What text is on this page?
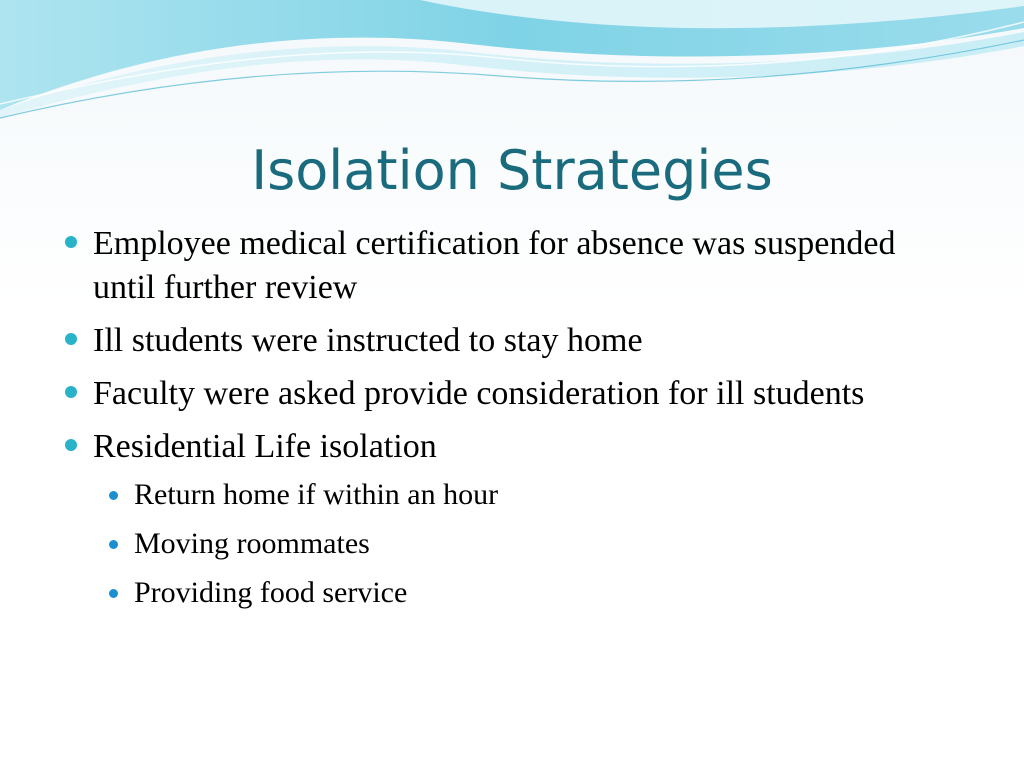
Isolation Strategies
Employee medical certification for absence was suspended until further review
Ill students were instructed to stay home
Faculty were asked provide consideration for ill students
Residential Life isolation
Return home if within an hour
Moving roommates
Providing food service
